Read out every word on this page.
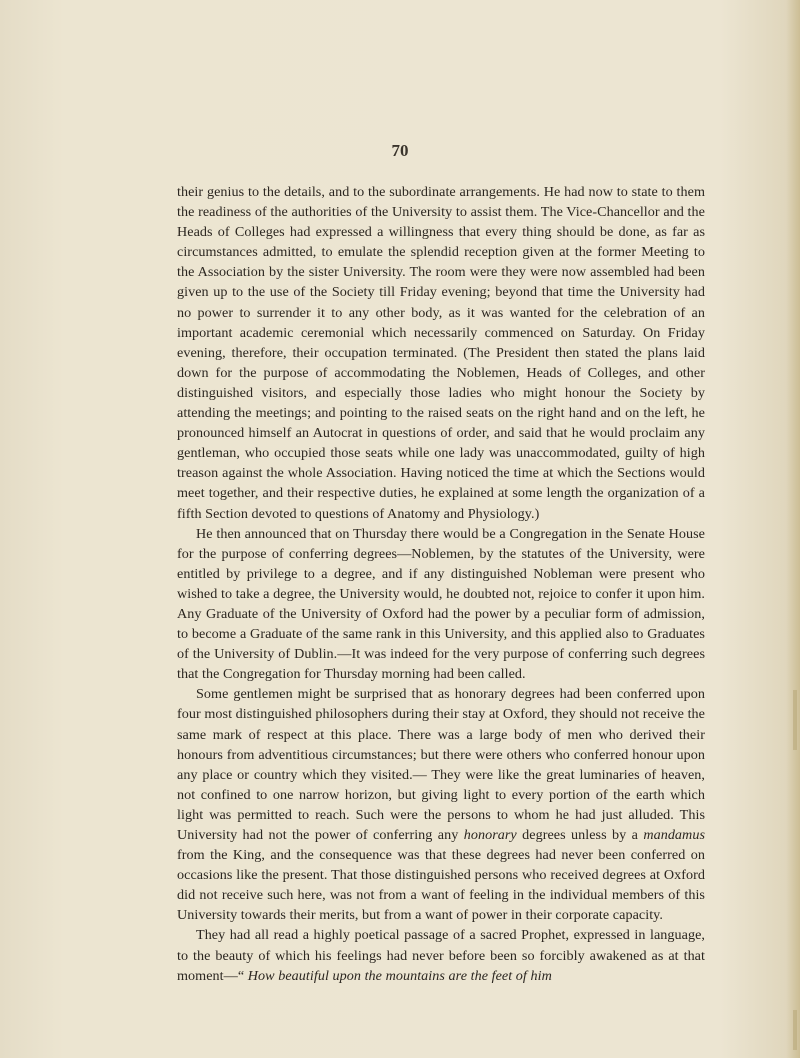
70

their genius to the details, and to the subordinate arrangements. He had now to state to them the readiness of the authorities of the University to assist them. The Vice-Chancellor and the Heads of Colleges had expressed a willingness that every thing should be done, as far as circumstances admitted, to emulate the splendid reception given at the former Meeting to the Association by the sister University. The room were they were now assembled had been given up to the use of the Society till Friday evening; beyond that time the University had no power to surrender it to any other body, as it was wanted for the celebration of an important academic ceremonial which necessarily commenced on Saturday. On Friday evening, therefore, their occupation terminated. (The President then stated the plans laid down for the purpose of accommodating the Noblemen, Heads of Colleges, and other distinguished visitors, and especially those ladies who might honour the Society by attending the meetings; and pointing to the raised seats on the right hand and on the left, he pronounced himself an Autocrat in questions of order, and said that he would proclaim any gentleman, who occupied those seats while one lady was unaccommodated, guilty of high treason against the whole Association. Having noticed the time at which the Sections would meet together, and their respective duties, he explained at some length the organization of a fifth Section devoted to questions of Anatomy and Physiology.)

He then announced that on Thursday there would be a Congregation in the Senate House for the purpose of conferring degrees—Noblemen, by the statutes of the University, were entitled by privilege to a degree, and if any distinguished Nobleman were present who wished to take a degree, the University would, he doubted not, rejoice to confer it upon him. Any Graduate of the University of Oxford had the power by a peculiar form of admission, to become a Graduate of the same rank in this University, and this applied also to Graduates of the University of Dublin.—It was indeed for the very purpose of conferring such degrees that the Congregation for Thursday morning had been called.

Some gentlemen might be surprised that as honorary degrees had been conferred upon four most distinguished philosophers during their stay at Oxford, they should not receive the same mark of respect at this place. There was a large body of men who derived their honours from adventitious circumstances; but there were others who conferred honour upon any place or country which they visited.— They were like the great luminaries of heaven, not confined to one narrow horizon, but giving light to every portion of the earth which light was permitted to reach. Such were the persons to whom he had just alluded. This University had not the power of conferring any honorary degrees unless by a mandamus from the King, and the consequence was that these degrees had never been conferred on occasions like the present. That those distinguished persons who received degrees at Oxford did not receive such here, was not from a want of feeling in the individual members of this University towards their merits, but from a want of power in their corporate capacity.

They had all read a highly poetical passage of a sacred Prophet, expressed in language, to the beauty of which his feelings had never before been so forcibly awakened as at that moment—“ How beautiful upon the mountains are the feet of him
